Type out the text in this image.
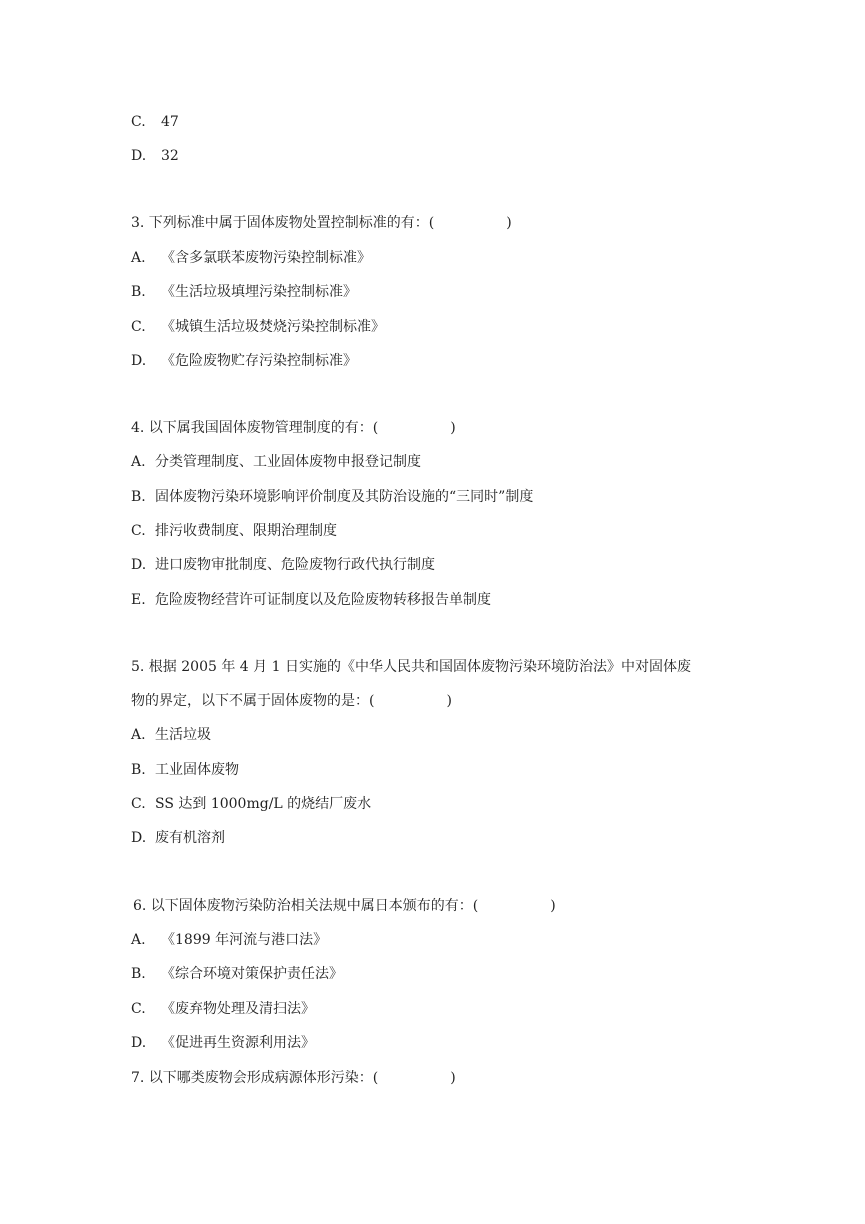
C. 47
D. 32
3. 下列标准中属于固体废物处置控制标准的有：(	)
A. 《含多氯联苯废物污染控制标准》
B. 《生活垃圾填埋污染控制标准》
C. 《城镇生活垃圾焚烧污染控制标准》
D. 《危险废物贮存污染控制标准》
4. 以下属我国固体废物管理制度的有：(	)
A. 分类管理制度、工业固体废物申报登记制度
B. 固体废物污染环境影响评价制度及其防治设施的“三同时”制度
C. 排污收费制度、限期治理制度
D. 进口废物审批制度、危险废物行政代执行制度
E. 危险废物经营许可证制度以及危险废物转移报告单制度
5. 根据 2005 年 4 月 1 日实施的《中华人民共和国固体废物污染环境防治法》中对固体废
物的界定，以下不属于固体废物的是：(	)
A. 生活垃圾
B. 工业固体废物
C. SS 达到 1000mg/L 的烧结厂废水
D. 废有机溶剂
6. 以下固体废物污染防治相关法规中属日本颁布的有：(	)
A. 《1899 年河流与港口法》
B. 《综合环境对策保护责任法》
C. 《废弃物处理及清扫法》
D. 《促进再生资源利用法》
7. 以下哪类废物会形成病源体形污染：(	)
